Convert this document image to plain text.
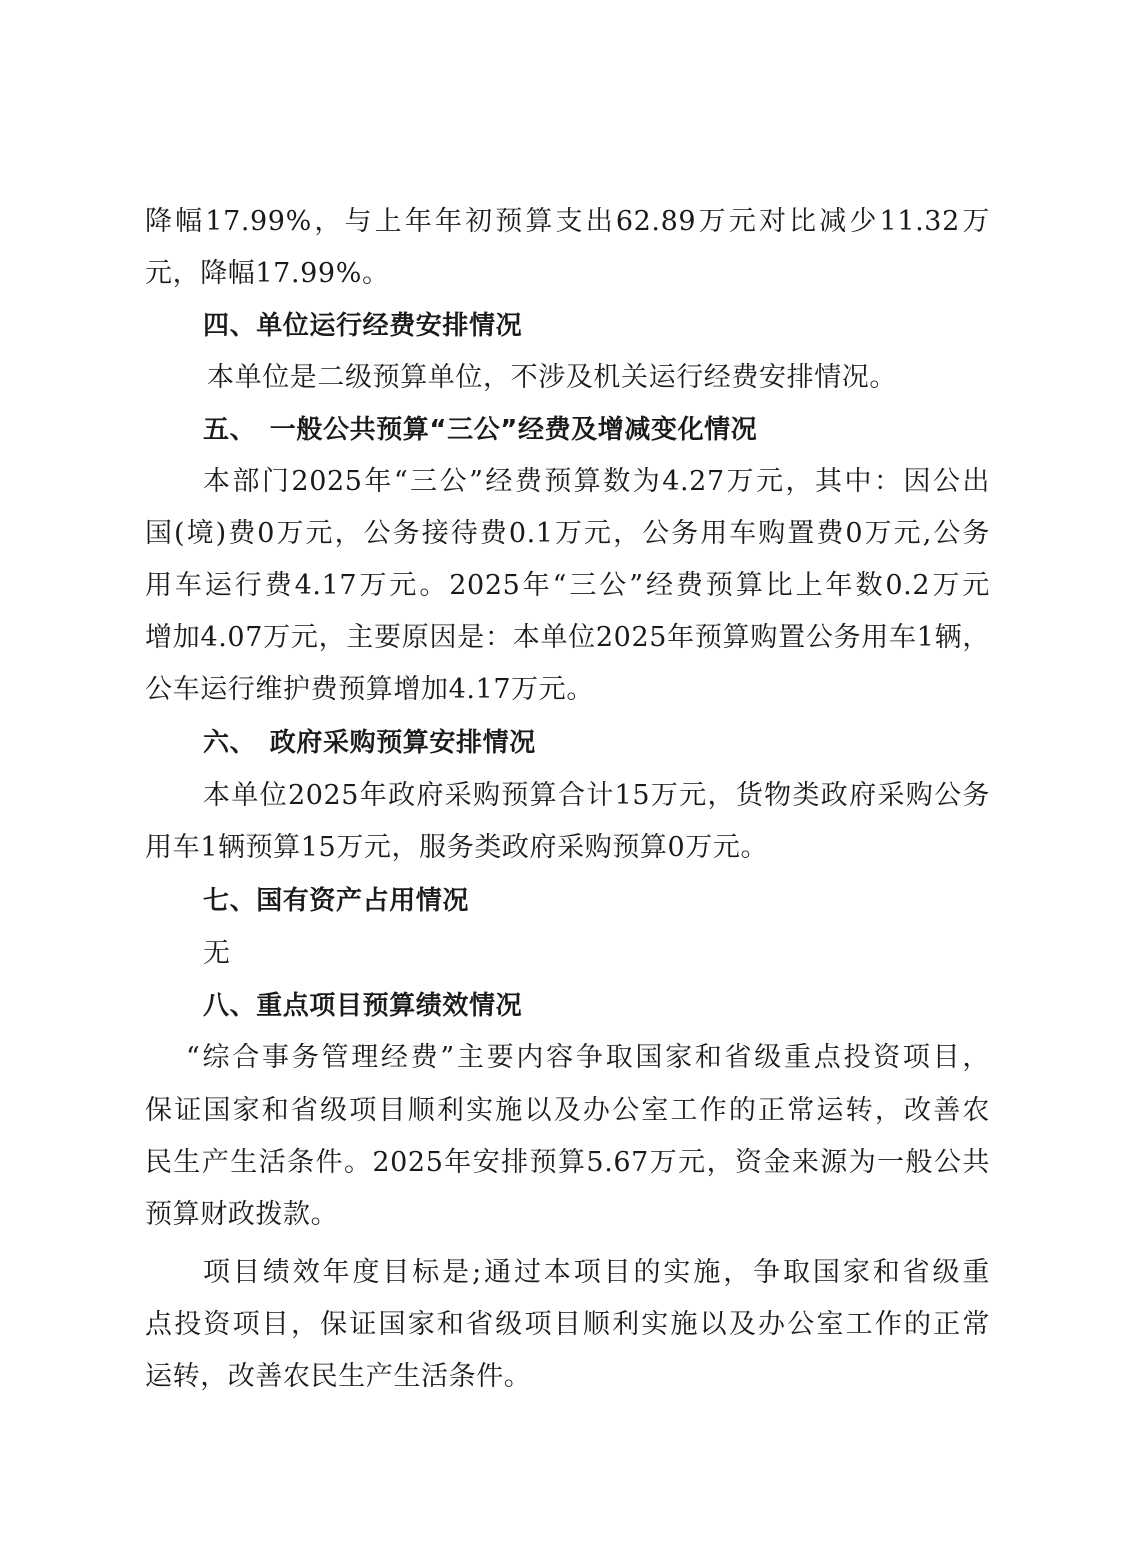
降幅17.99%，与上年年初预算支出62.89万元对比减少11.32万
元，降幅17.99%。
四、单位运行经费安排情况
本单位是二级预算单位，不涉及机关运行经费安排情况。
五、　一般公共预算“三公”经费及增减变化情况
本部门2025年“三公”经费预算数为4.27万元，其中：因公出
国(境)费0万元，公务接待费0.1万元，公务用车购置费0万元,公务
用车运行费4.17万元。2025年“三公”经费预算比上年数0.2万元
增加4.07万元，主要原因是：本单位2025年预算购置公务用车1辆，
公车运行维护费预算增加4.17万元。
六、　政府采购预算安排情况
本单位2025年政府采购预算合计15万元，货物类政府采购公务
用车1辆预算15万元，服务类政府采购预算0万元。
七、国有资产占用情况
无
八、重点项目预算绩效情况
“综合事务管理经费”主要内容争取国家和省级重点投资项目，
保证国家和省级项目顺利实施以及办公室工作的正常运转，改善农
民生产生活条件。2025年安排预算5.67万元，资金来源为一般公共
预算财政拨款。
项目绩效年度目标是;通过本项目的实施，争取国家和省级重
点投资项目，保证国家和省级项目顺利实施以及办公室工作的正常
运转，改善农民生产生活条件。
